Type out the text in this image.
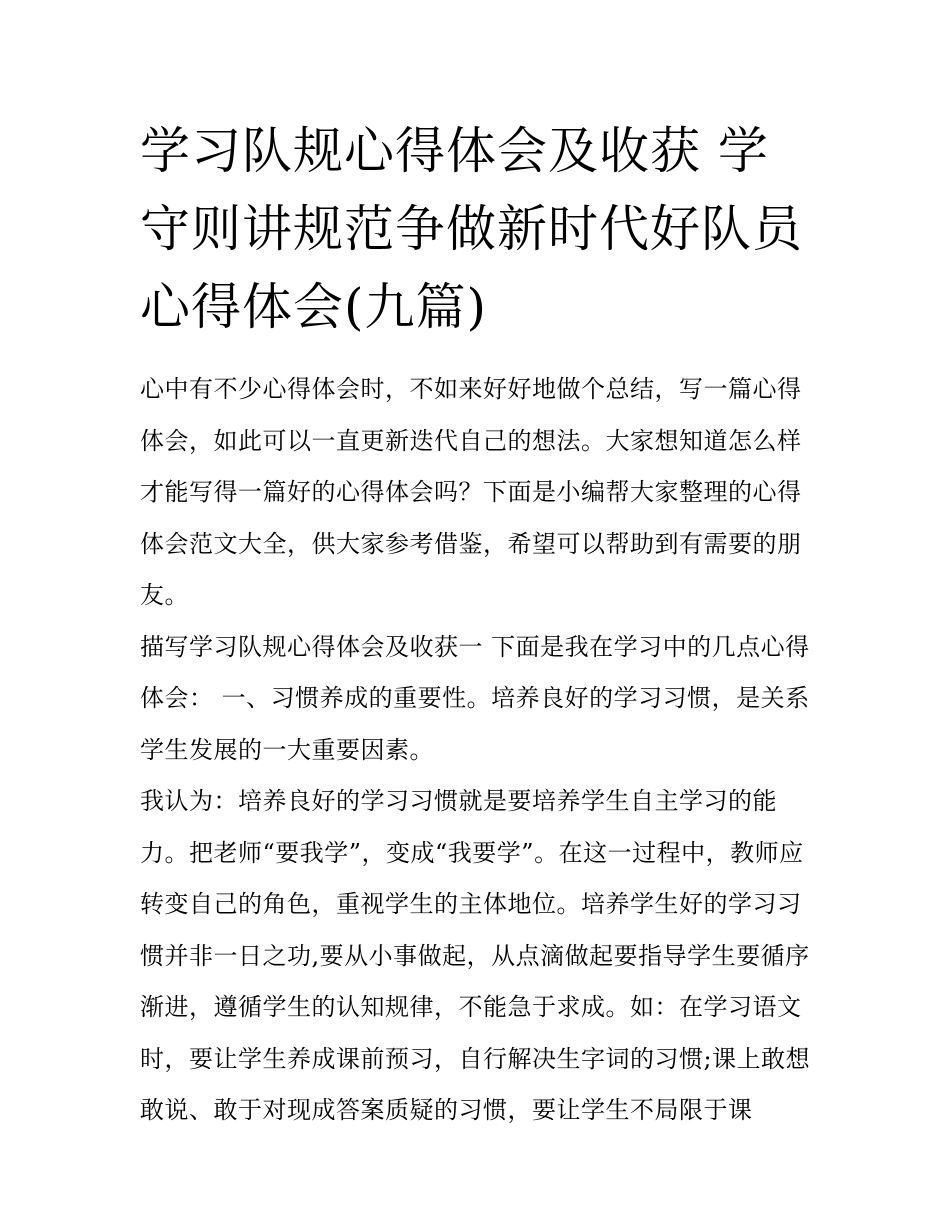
学习队规心得体会及收获 学守则讲规范争做新时代好队员心得体会(九篇)

心中有不少心得体会时，不如来好好地做个总结，写一篇心得体会，如此可以一直更新迭代自己的想法。大家想知道怎么样才能写得一篇好的心得体会吗？下面是小编帮大家整理的心得体会范文大全，供大家参考借鉴，希望可以帮助到有需要的朋友。

描写学习队规心得体会及收获一 下面是我在学习中的几点心得体会： 一、习惯养成的重要性。培养良好的学习习惯，是关系学生发展的一大重要因素。

我认为：培养良好的学习习惯就是要培养学生自主学习的能力。把老师“要我学”，变成“我要学”。在这一过程中，教师应转变自己的角色，重视学生的主体地位。培养学生好的学习习惯并非一日之功,要从小事做起，从点滴做起要指导学生要循序渐进，遵循学生的认知规律，不能急于求成。如：在学习语文时，要让学生养成课前预习，自行解决生字词的习惯;课上敢想敢说、敢于对现成答案质疑的习惯，要让学生不局限于课
